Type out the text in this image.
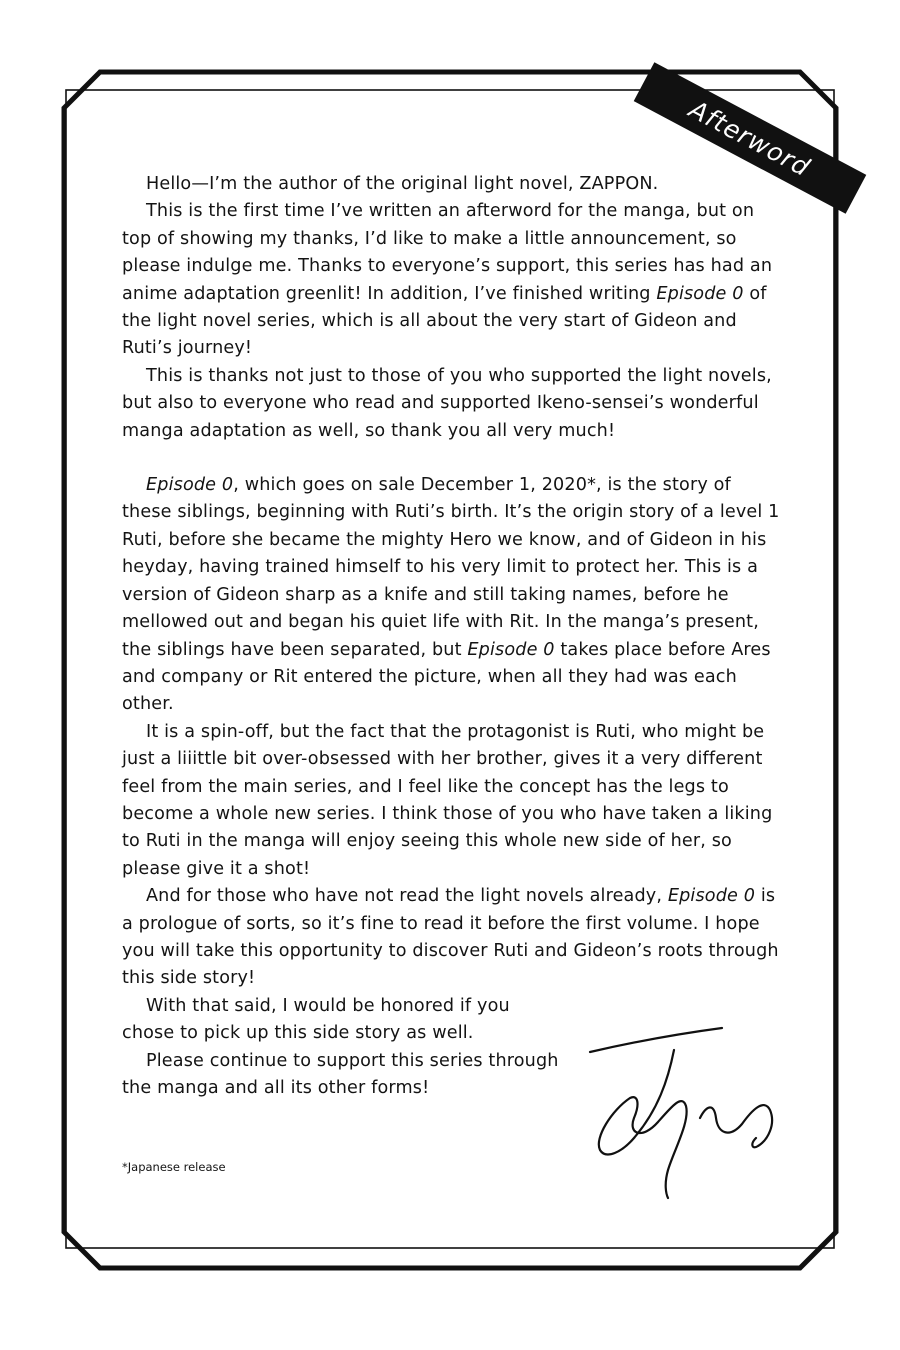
Afterword

Hello—I’m the author of the original light novel, ZAPPON.

This is the first time I’ve written an afterword for the manga, but on top of showing my thanks, I’d like to make a little announcement, so please indulge me. Thanks to everyone’s support, this series has had an anime adaptation greenlit! In addition, I’ve finished writing Episode 0 of the light novel series, which is all about the very start of Gideon and Ruti’s journey!

This is thanks not just to those of you who supported the light novels, but also to everyone who read and supported Ikeno-sensei’s wonderful manga adaptation as well, so thank you all very much!

Episode 0, which goes on sale December 1, 2020*, is the story of these siblings, beginning with Ruti’s birth. It’s the origin story of a level 1 Ruti, before she became the mighty Hero we know, and of Gideon in his heyday, having trained himself to his very limit to protect her. This is a version of Gideon sharp as a knife and still taking names, before he mellowed out and began his quiet life with Rit. In the manga’s present, the siblings have been separated, but Episode 0 takes place before Ares and company or Rit entered the picture, when all they had was each other.

It is a spin-off, but the fact that the protagonist is Ruti, who might be just a liiittle bit over-obsessed with her brother, gives it a very different feel from the main series, and I feel like the concept has the legs to become a whole new series. I think those of you who have taken a liking to Ruti in the manga will enjoy seeing this whole new side of her, so please give it a shot!

And for those who have not read the light novels already, Episode 0 is a prologue of sorts, so it’s fine to read it before the first volume. I hope you will take this opportunity to discover Ruti and Gideon’s roots through this side story!

With that said, I would be honored if you chose to pick up this side story as well.

Please continue to support this series through the manga and all its other forms!

*Japanese release
